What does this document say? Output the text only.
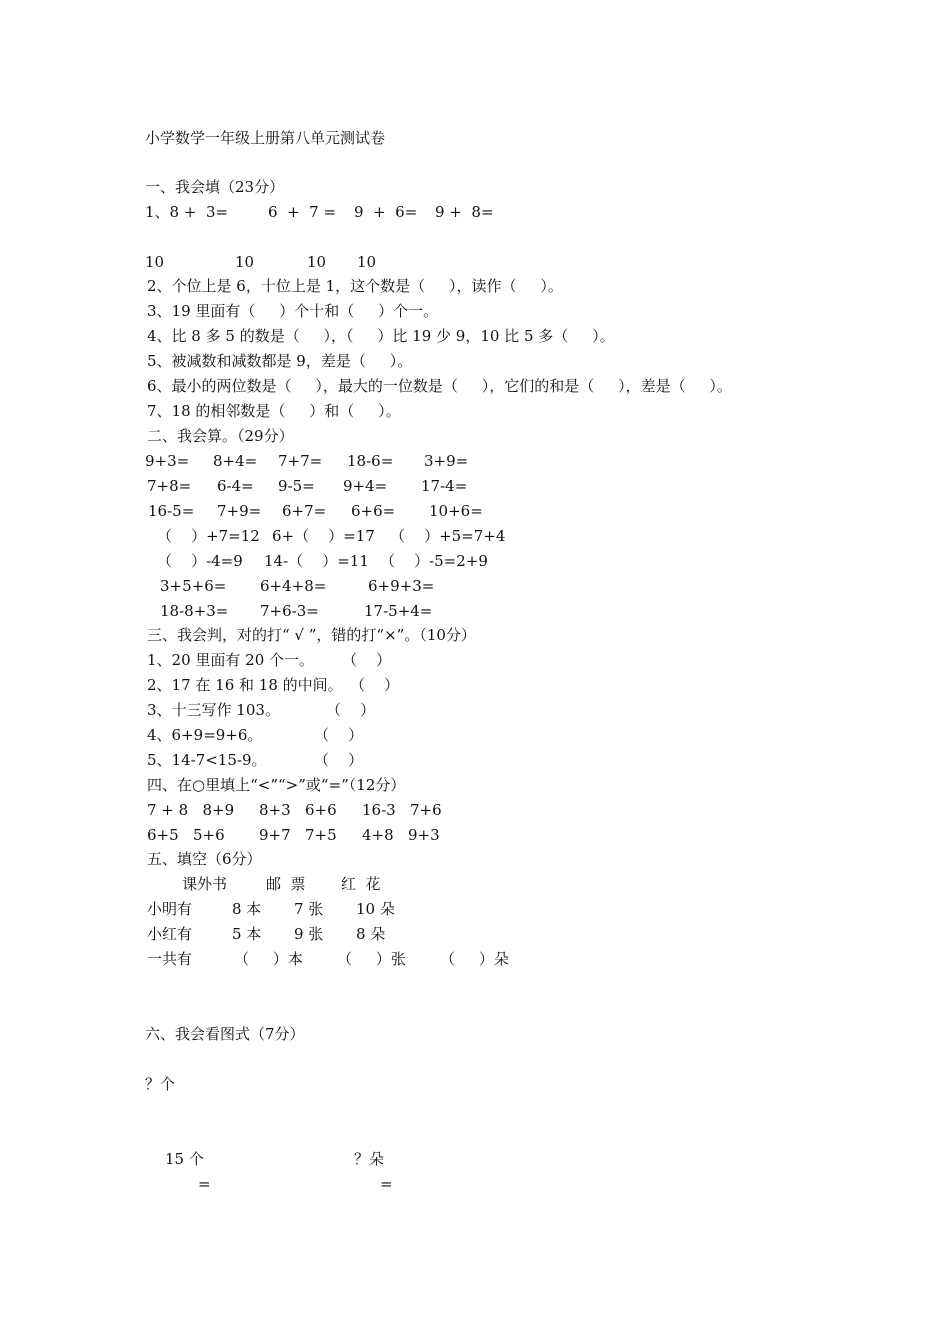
小学数学一年级上册第八单元测试卷
一、我会填（23分）
1、8 +  3=	6  +  7 = 9  +  6= 9 +  8=
10	10	10 10
2、个位上是 6，十位上是 1，这个数是（     ），读作（     ）。
3、19 里面有（     ）个十和（     ）个一。
4、比 8 多 5 的数是（     ），（     ）比 19 少 9，10 比 5 多（     ）。
5、被减数和减数都是 9，差是（     ）。
6、最小的两位数是（     ），最大的一位数是（     ），它们的和是（     ），差是（     ）。
7、18 的相邻数是（     ）和（     ）。
二、我会算。（29分）
9+3= 8+4= 7+7= 18-6= 3+9=
7+8= 6-4= 9-5= 9+4= 17-4=
16-5= 7+9= 6+7= 6+6= 10+6=
（    ）+7=12 6+（    ）=17 （    ）+5=7+4
（    ）-4=9 14-（    ）=11 （    ）-5=2+9
3+5+6= 6+4+8=	6+9+3=
18-8+3= 7+6-3=	17-5+4=
三、我会判，对的打“ √ ”，错的打“×”。（10分）
1、20 里面有 20 个一。 （    ）
2、17 在 16 和 18 的中间。 （    ）
3、十三写作 103。	（    ）
4、6+9=9+6。	（    ）
5、14-7<15-9。	（    ）
四、在○里填上“<”“>”或“=”（12分）
7 + 8   8+9 8+3   6+6 16-3   7+6
6+5   5+6 9+7   7+5 4+8   9+3
五、填空（6分）
课外书	邮  票 红  花
小明有	8 本 7 张 10 朵
小红有	5 本 9 张 8 朵
一共有	（     ）本 （     ）张 （     ）朵
六、我会看图式（7分）
？个
15 个	？朵
=	=
